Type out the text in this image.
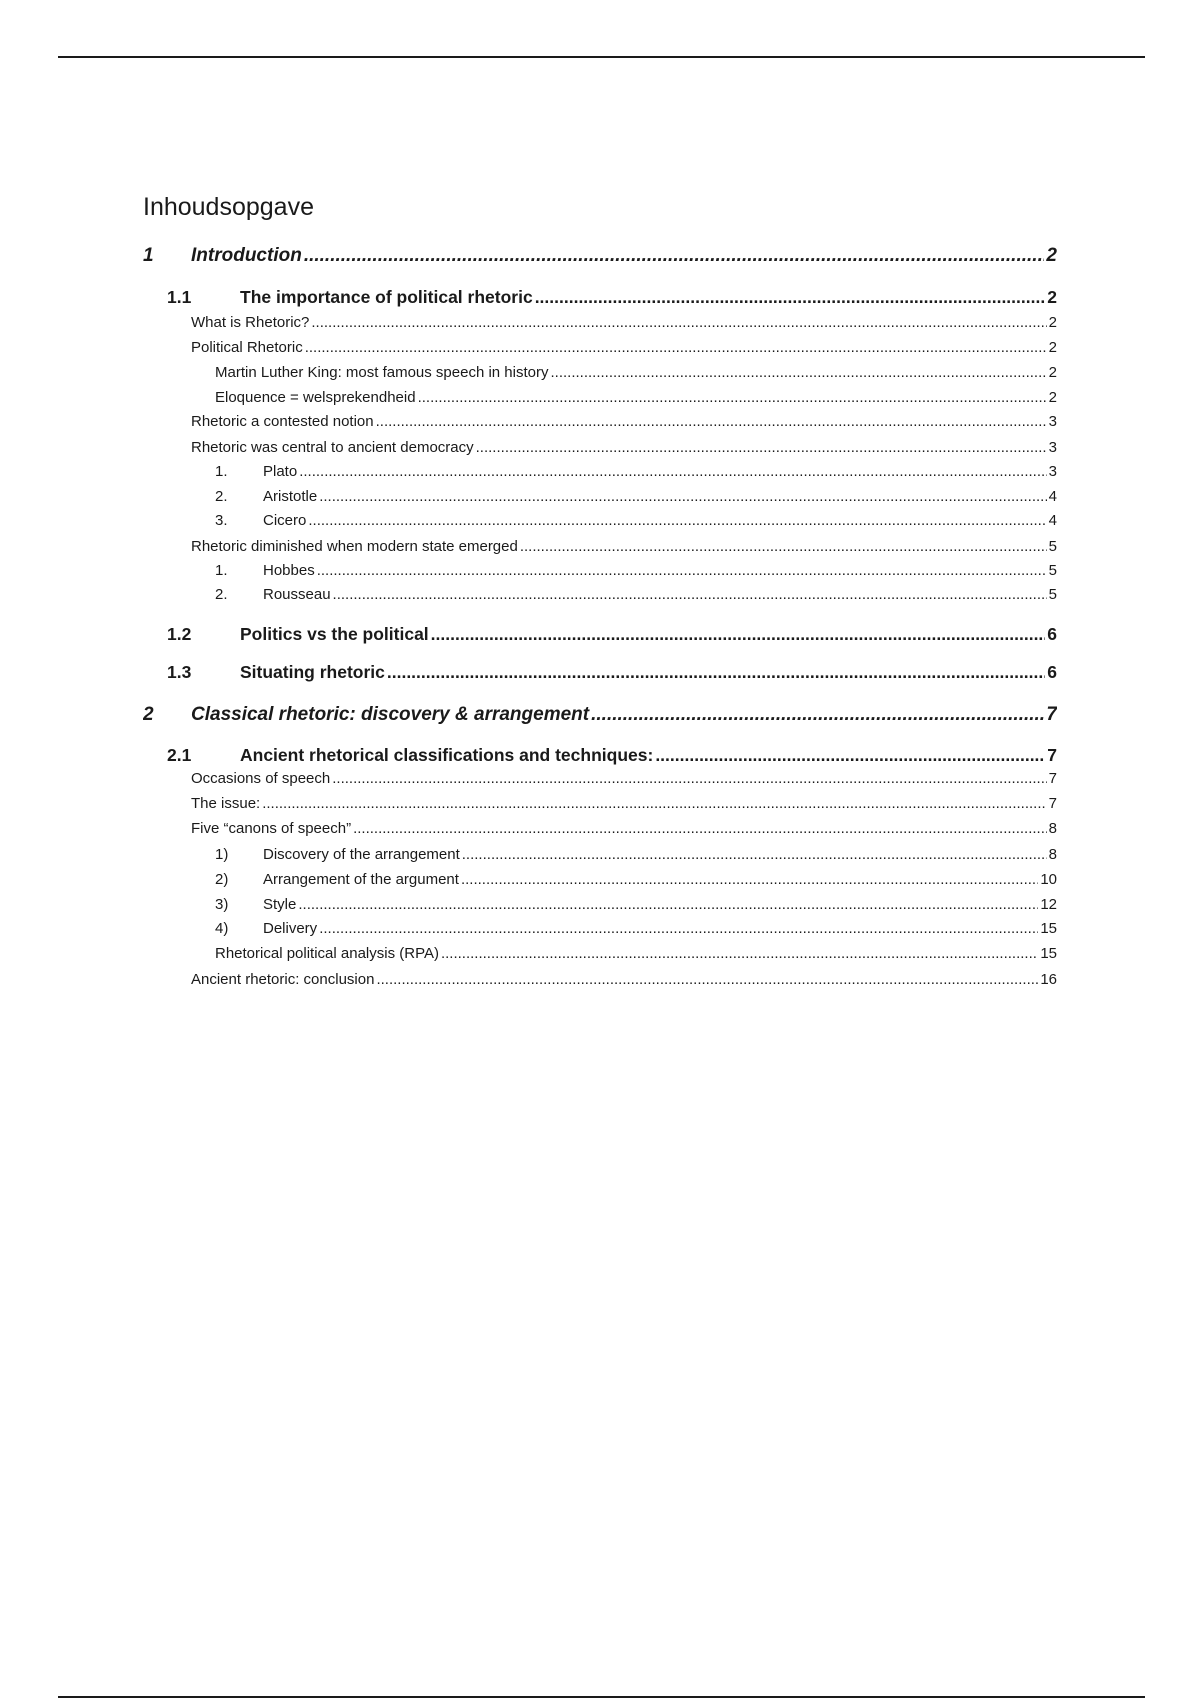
Inhoudsopgave
1	Introduction .....	2
1.1	The importance of political rhetoric .....	2
What is Rhetoric? .....	2
Political Rhetoric .....	2
Martin Luther King: most famous speech in history .....	2
Eloquence = welsprekendheid .....	2
Rhetoric a contested notion .....	3
Rhetoric was central to ancient democracy .....	3
1.	Plato .....	3
2.	Aristotle .....	4
3.	Cicero .....	4
Rhetoric diminished when modern state emerged .....	5
1.	Hobbes .....	5
2.	Rousseau .....	5
1.2	Politics vs the political .....	6
1.3	Situating rhetoric .....	6
2	Classical rhetoric: discovery & arrangement .....	7
2.1	Ancient rhetorical classifications and techniques: .....	7
Occasions of speech .....	7
The issue: .....	7
Five “canons of speech” .....	8
1)	Discovery of the arrangement .....	8
2)	Arrangement of the argument .....	10
3)	Style .....	12
4)	Delivery .....	15
Rhetorical political analysis (RPA) .....	15
Ancient rhetoric: conclusion .....	16
